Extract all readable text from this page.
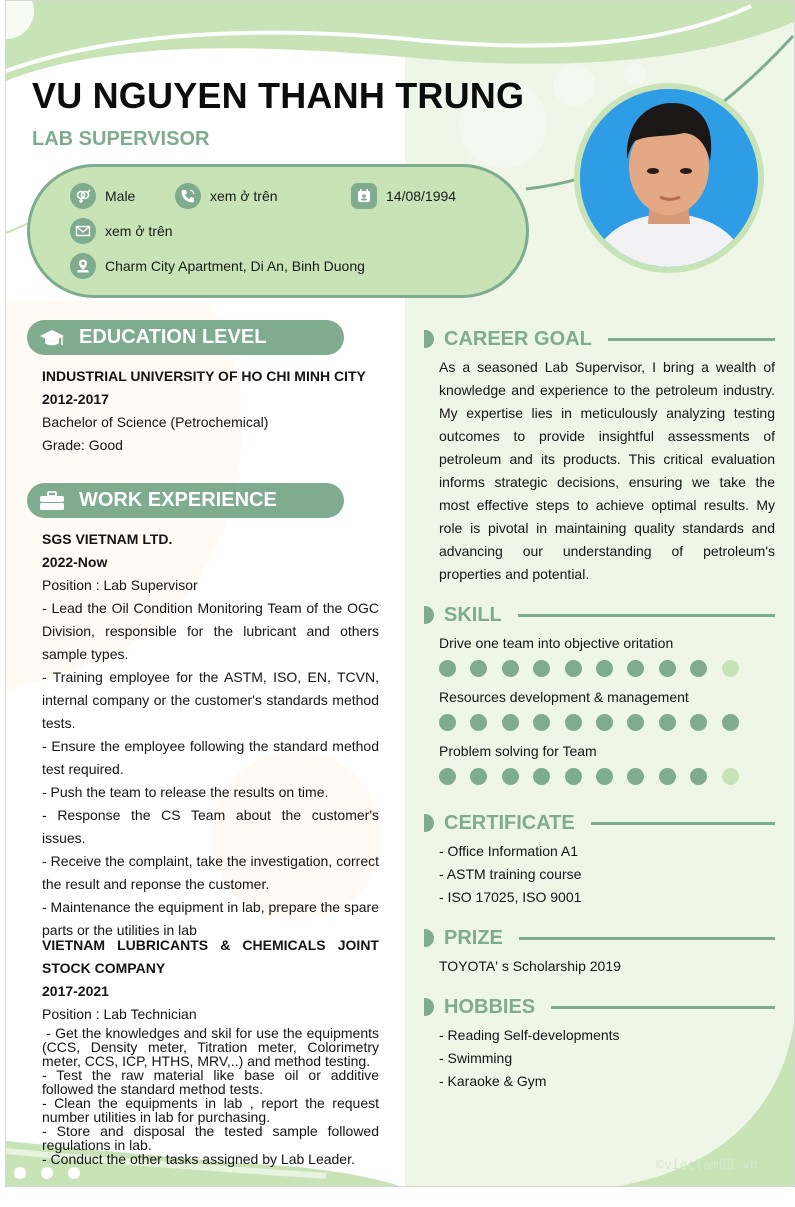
VU NGUYEN THANH TRUNG
LAB SUPERVISOR
Male	xem ở trên	14/08/1994
xem ở trên
Charm City Apartment, Di An, Binh Duong
EDUCATION LEVEL
INDUSTRIAL UNIVERSITY OF HO CHI MINH CITY
2012-2017
Bachelor of Science (Petrochemical)
Grade: Good
WORK EXPERIENCE
SGS VIETNAM LTD.
2022-Now
Position : Lab Supervisor

- Lead the Oil Condition Monitoring Team of the OGC Division, responsible for the lubricant and others sample types.

- Training employee for the ASTM, ISO, EN, TCVN, internal company or the customer's standards method tests.

- Ensure the employee following the standard method test required.

- Push the team to release the results on time.

- Response the CS Team about the customer's issues.

- Receive the complaint, take the investigation, correct the result and reponse the customer.

- Maintenance the equipment in lab, prepare the spare parts or the utilities in lab

VIETNAM LUBRICANTS & CHEMICALS JOINT STOCK COMPANY
2017-2021
Position : Lab Technician

- Get the knowledges and skil for use the equipments (CCS, Density meter, Titration meter, Colorimetry meter, CCS, ICP, HTHS, MRV,..) and method testing.

- Test the raw material like base oil or additive followed the standard method tests.

- Clean the equipments in lab , report the request number utilities in lab for purchasing.

- Store and disposal the tested sample followed regulations in lab.

- Conduct the other tasks assigned by Lab Leader.

CAREER GOAL
As a seasoned Lab Supervisor, I bring a wealth of knowledge and experience to the petroleum industry. My expertise lies in meticulously analyzing testing outcomes to provide insightful assessments of petroleum and its products. This critical evaluation informs strategic decisions, ensuring we take the most effective steps to achieve optimal results. My role is pivotal in maintaining quality standards and advancing our understanding of petroleum's properties and potential.
SKILL
Drive one team into objective oritation
Resources development & management
Problem solving for Team
CERTIFICATE
- Office Information A1
- ASTM training course
- ISO 17025, ISO 9001
PRIZE
TOYOTA' s Scholarship 2019
HOBBIES
- Reading Self-developments
- Swimming
- Karaoke & Gym
©vieclam88.vn
